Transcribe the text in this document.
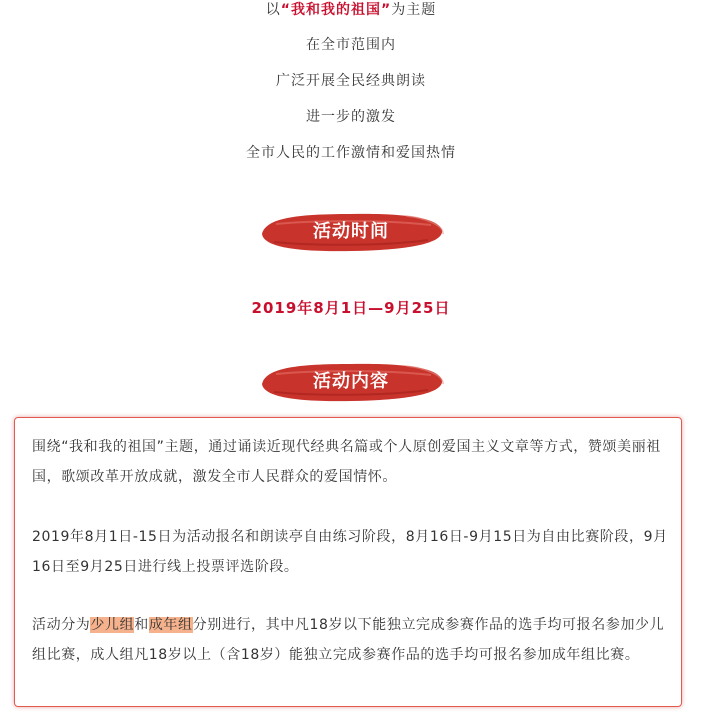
以“我和我的祖国”为主题
在全市范围内
广泛开展全民经典朗读
进一步的激发
全市人民的工作激情和爱国热情
活动时间
2019年8月1日—9月25日
活动内容
围绕“我和我的祖国”主题，通过诵读近现代经典名篇或个人原创爱国主义文章等方式，赞颂美丽祖国，歌颂改革开放成就，激发全市人民群众的爱国情怀。
2019年8月1日-15日为活动报名和朗读亭自由练习阶段，8月16日-9月15日为自由比赛阶段，9月16日至9月25日进行线上投票评选阶段。
活动分为少儿组和成年组分别进行，其中凡18岁以下能独立完成参赛作品的选手均可报名参加少儿组比赛，成人组凡18岁以上（含18岁）能独立完成参赛作品的选手均可报名参加成年组比赛。
